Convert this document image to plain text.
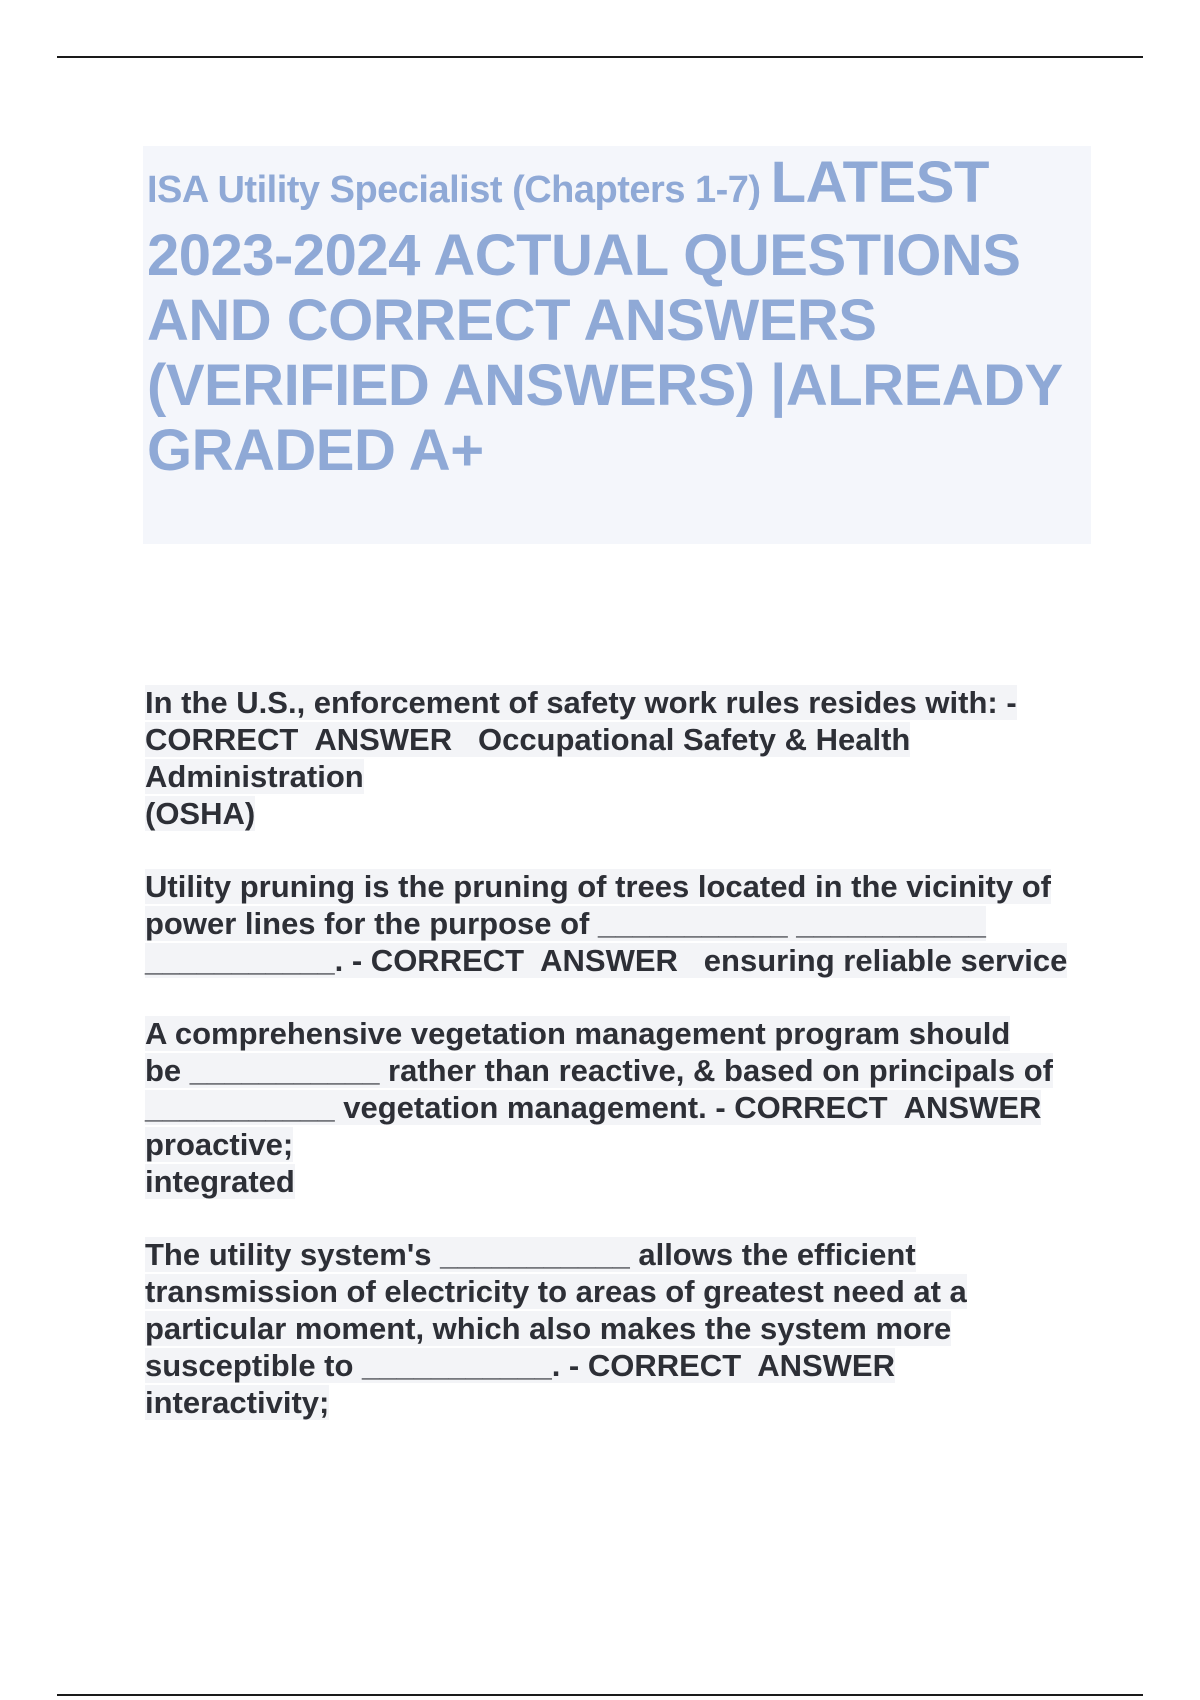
ISA Utility Specialist (Chapters 1-7) LATEST 2023-2024 ACTUAL QUESTIONS AND CORRECT ANSWERS (VERIFIED ANSWERS) |ALREADY GRADED A+

In the U.S., enforcement of safety work rules resides with: -
CORRECT  ANSWER   Occupational Safety & Health
Administration
(OSHA)

Utility pruning is the pruning of trees located in the vicinity of
power lines for the purpose of ___________ ___________
___________. - CORRECT  ANSWER   ensuring reliable service

A comprehensive vegetation management program should
be ___________ rather than reactive, & based on principals of
___________ vegetation management. - CORRECT  ANSWER
proactive;
integrated

The utility system's ___________ allows the efficient
transmission of electricity to areas of greatest need at a
particular moment, which also makes the system more
susceptible to ___________. - CORRECT  ANSWER
interactivity;
